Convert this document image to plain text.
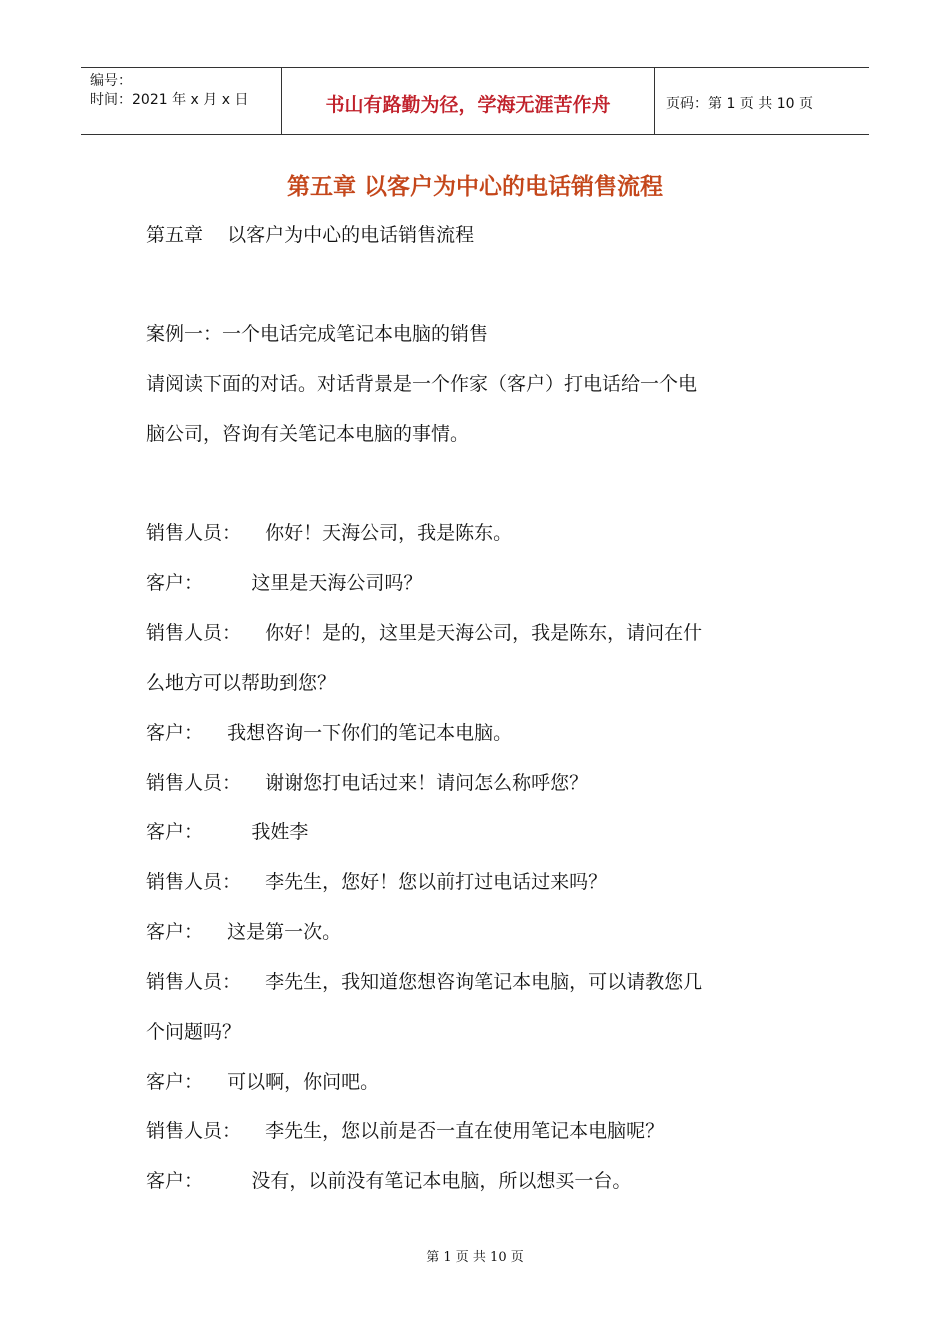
编号：
时间：2021 年 x 月 x 日	书山有路勤为径，学海无涯苦作舟	页码：第 1 页 共 10 页
第五章 以客户为中心的电话销售流程
第五章    以客户为中心的电话销售流程
案例一：一个电话完成笔记本电脑的销售
请阅读下面的对话。对话背景是一个作家（客户）打电话给一个电
脑公司，咨询有关笔记本电脑的事情。
销售人员：    你好！天海公司，我是陈东。
客户：        这里是天海公司吗？
销售人员：    你好！是的，这里是天海公司，我是陈东，请问在什
么地方可以帮助到您？
客户：    我想咨询一下你们的笔记本电脑。
销售人员：    谢谢您打电话过来！请问怎么称呼您？
客户：        我姓李
销售人员：    李先生，您好！您以前打过电话过来吗？
客户：    这是第一次。
销售人员：    李先生，我知道您想咨询笔记本电脑，可以请教您几
个问题吗？
客户：    可以啊，你问吧。
销售人员：    李先生，您以前是否一直在使用笔记本电脑呢？
客户：        没有，以前没有笔记本电脑，所以想买一台。
第 1 页 共 10 页
